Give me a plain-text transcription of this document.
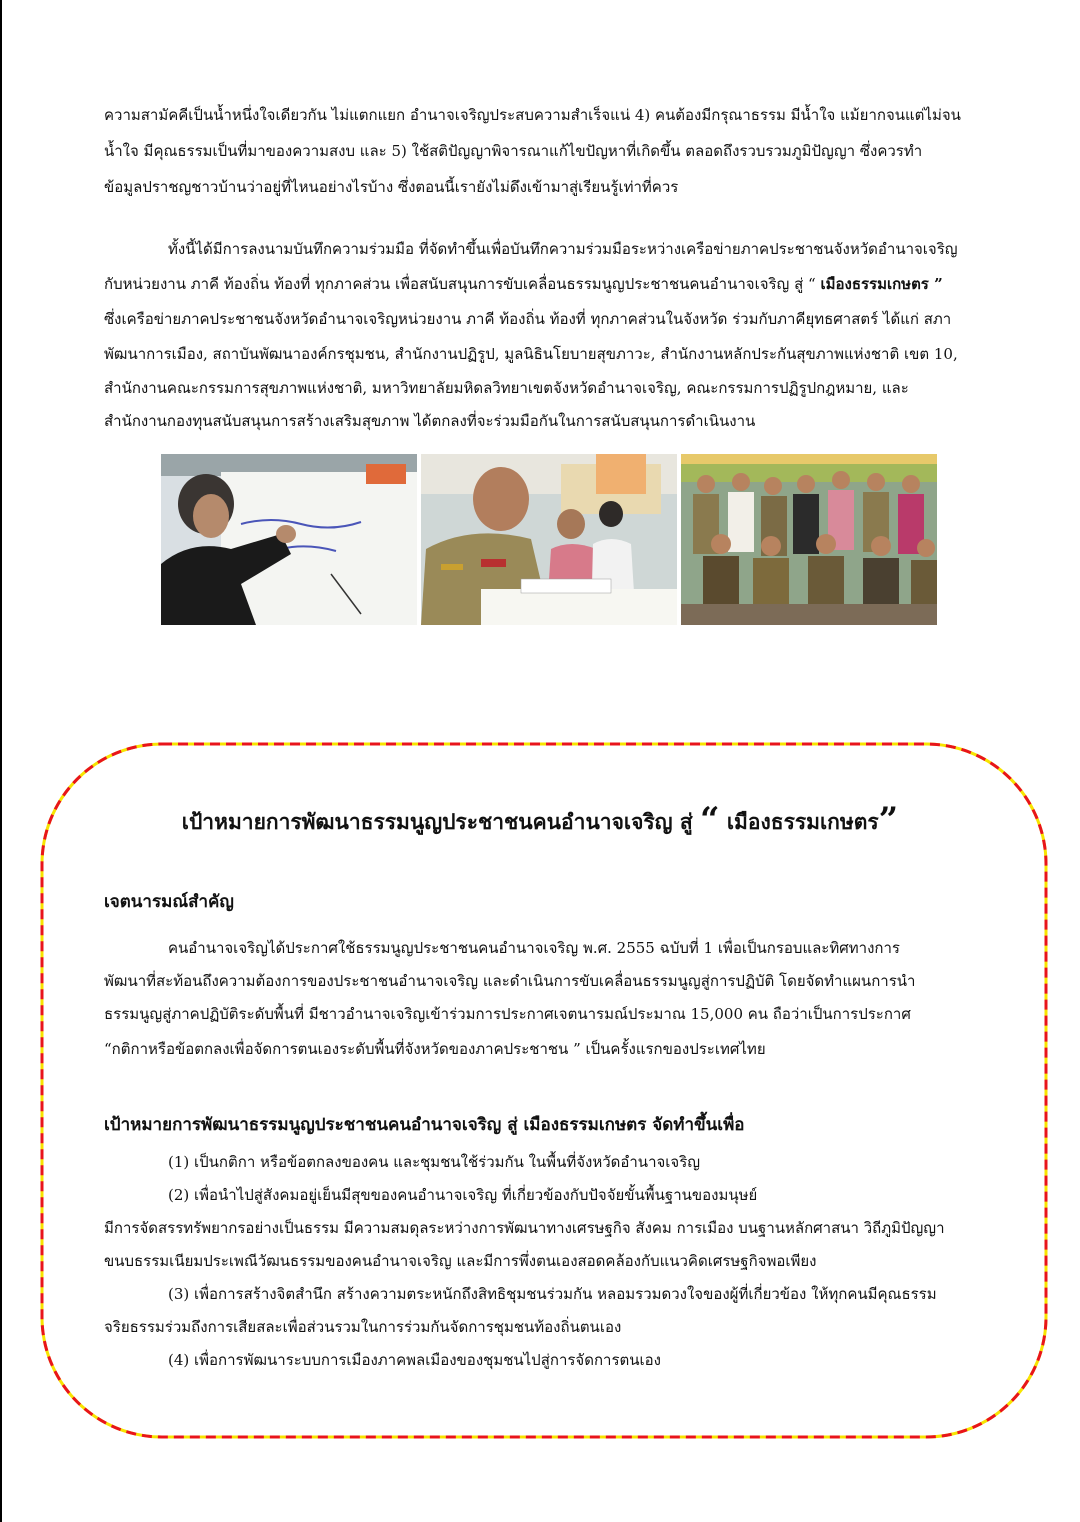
ความสามัคคีเป็นน้ำหนึ่งใจเดียวกัน ไม่แตกแยก อำนาจเจริญประสบความสำเร็จแน่ 4) คนต้องมีกรุณาธรรม มีน้ำใจ แม้ยากจนแต่ไม่จน

น้ำใจ มีคุณธรรมเป็นที่มาของความสงบ และ 5) ใช้สติปัญญาพิจารณาแก้ไขปัญหาที่เกิดขึ้น ตลอดถึงรวบรวมภูมิปัญญา ซึ่งควรทำ

ข้อมูลปราชญชาวบ้านว่าอยู่ที่ไหนอย่างไรบ้าง ซึ่งตอนนี้เรายังไม่ดึงเข้ามาสู่เรียนรู้เท่าที่ควร

ทั้งนี้ได้มีการลงนามบันทึกความร่วมมือ ที่จัดทำขึ้นเพื่อบันทึกความร่วมมือระหว่างเครือข่ายภาคประชาชนจังหวัดอำนาจเจริญ

กับหน่วยงาน ภาคี ท้องถิ่น ท้องที่ ทุกภาคส่วน เพื่อสนับสนุนการขับเคลื่อนธรรมนูญประชาชนคนอำนาจเจริญ สู่ “ เมืองธรรมเกษตร ”

ซึ่งเครือข่ายภาคประชาชนจังหวัดอำนาจเจริญหน่วยงาน ภาคี ท้องถิ่น ท้องที่ ทุกภาคส่วนในจังหวัด ร่วมกับภาคียุทธศาสตร์ ได้แก่ สภา

พัฒนาการเมือง, สถาบันพัฒนาองค์กรชุมชน, สำนักงานปฏิรูป, มูลนิธินโยบายสุขภาวะ, สำนักงานหลักประกันสุขภาพแห่งชาติ เขต 10,

สำนักงานคณะกรรมการสุขภาพแห่งชาติ, มหาวิทยาลัยมหิดลวิทยาเขตจังหวัดอำนาจเจริญ, คณะกรรมการปฏิรูปกฎหมาย, และ

สำนักงานกองทุนสนับสนุนการสร้างเสริมสุขภาพ ได้ตกลงที่จะร่วมมือกันในการสนับสนุนการดำเนินงาน

เป้าหมายการพัฒนาธรรมนูญประชาชนคนอำนาจเจริญ สู่ “ เมืองธรรมเกษตร”
เจตนารมณ์สำคัญ

คนอำนาจเจริญได้ประกาศใช้ธรรมนูญประชาชนคนอำนาจเจริญ พ.ศ. 2555 ฉบับที่ 1 เพื่อเป็นกรอบและทิศทางการ

พัฒนาที่สะท้อนถึงความต้องการของประชาชนอำนาจเจริญ และดำเนินการขับเคลื่อนธรรมนูญสู่การปฏิบัติ โดยจัดทำแผนการนำ

ธรรมนูญสู่ภาคปฏิบัติระดับพื้นที่ มีชาวอำนาจเจริญเข้าร่วมการประกาศเจตนารมณ์ประมาณ 15,000 คน ถือว่าเป็นการประกาศ

“กติกาหรือข้อตกลงเพื่อจัดการตนเองระดับพื้นที่จังหวัดของภาคประชาชน ” เป็นครั้งแรกของประเทศไทย

เป้าหมายการพัฒนาธรรมนูญประชาชนคนอำนาจเจริญ สู่ เมืองธรรมเกษตร จัดทำขึ้นเพื่อ

(1) เป็นกติกา หรือข้อตกลงของคน และชุมชนใช้ร่วมกัน ในพื้นที่จังหวัดอำนาจเจริญ

(2) เพื่อนำไปสู่สังคมอยู่เย็นมีสุขของคนอำนาจเจริญ ที่เกี่ยวข้องกับปัจจัยขั้นพื้นฐานของมนุษย์

มีการจัดสรรทรัพยากรอย่างเป็นธรรม มีความสมดุลระหว่างการพัฒนาทางเศรษฐกิจ สังคม การเมือง บนฐานหลักศาสนา วิถีภูมิปัญญา

ขนบธรรมเนียมประเพณีวัฒนธรรมของคนอำนาจเจริญ และมีการพึ่งตนเองสอดคล้องกับแนวคิดเศรษฐกิจพอเพียง

(3) เพื่อการสร้างจิตสำนึก สร้างความตระหนักถึงสิทธิชุมชนร่วมกัน หลอมรวมดวงใจของผู้ที่เกี่ยวข้อง ให้ทุกคนมีคุณธรรม

จริยธรรมร่วมถึงการเสียสละเพื่อส่วนรวมในการร่วมกันจัดการชุมชนท้องถิ่นตนเอง

(4) เพื่อการพัฒนาระบบการเมืองภาคพลเมืองของชุมชนไปสู่การจัดการตนเอง
